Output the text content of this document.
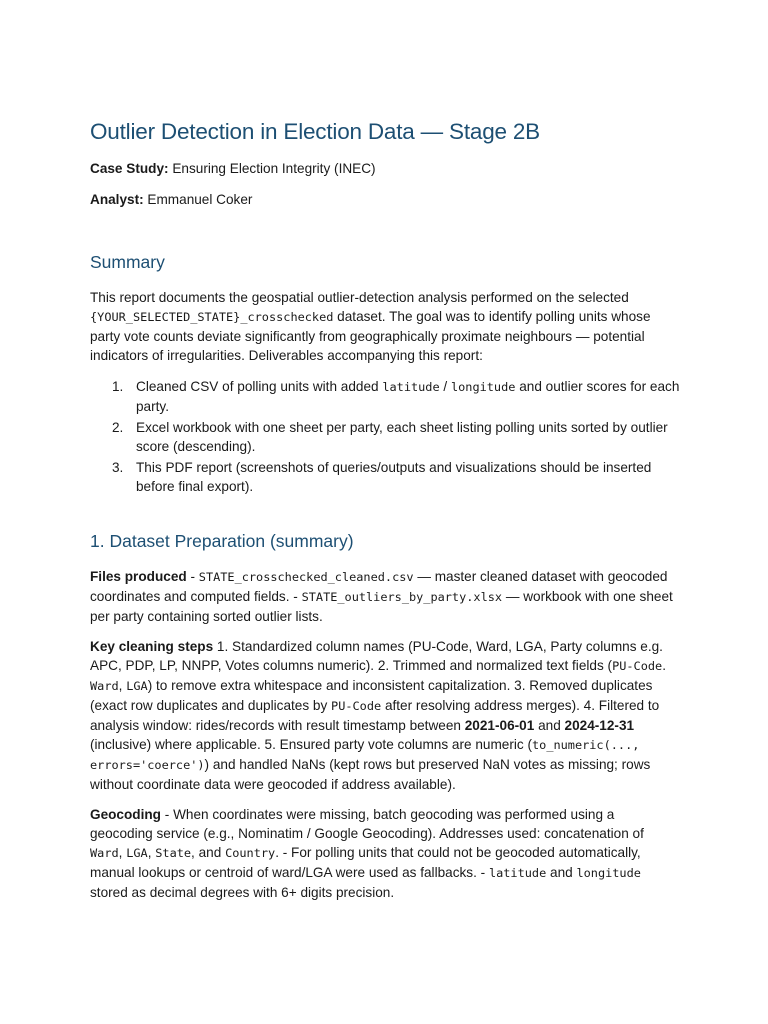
Outlier Detection in Election Data — Stage 2B

Case Study: Ensuring Election Integrity (INEC)

Analyst: Emmanuel Coker

Summary

This report documents the geospatial outlier-detection analysis performed on the selected {YOUR_SELECTED_STATE}_crosschecked dataset. The goal was to identify polling units whose party vote counts deviate significantly from geographically proximate neighbours — potential indicators of irregularities. Deliverables accompanying this report:

1. Cleaned CSV of polling units with added latitude / longitude and outlier scores for each party.
2. Excel workbook with one sheet per party, each sheet listing polling units sorted by outlier score (descending).
3. This PDF report (screenshots of queries/outputs and visualizations should be inserted before final export).
1. Dataset Preparation (summary)

Files produced - STATE_crosschecked_cleaned.csv — master cleaned dataset with geocoded coordinates and computed fields. - STATE_outliers_by_party.xlsx — workbook with one sheet per party containing sorted outlier lists.

Key cleaning steps 1. Standardized column names (PU-Code, Ward, LGA, Party columns e.g. APC, PDP, LP, NNPP, Votes columns numeric). 2. Trimmed and normalized text fields (PU-Code. Ward, LGA) to remove extra whitespace and inconsistent capitalization. 3. Removed duplicates (exact row duplicates and duplicates by PU-Code after resolving address merges). 4. Filtered to analysis window: rides/records with result timestamp between 2021-06-01 and 2024-12-31 (inclusive) where applicable. 5. Ensured party vote columns are numeric (to_numeric(..., errors='coerce')) and handled NaNs (kept rows but preserved NaN votes as missing; rows without coordinate data were geocoded if address available).

Geocoding - When coordinates were missing, batch geocoding was performed using a geocoding service (e.g., Nominatim / Google Geocoding). Addresses used: concatenation of Ward, LGA, State, and Country. - For polling units that could not be geocoded automatically, manual lookups or centroid of ward/LGA were used as fallbacks. - latitude and longitude stored as decimal degrees with 6+ digits precision.
